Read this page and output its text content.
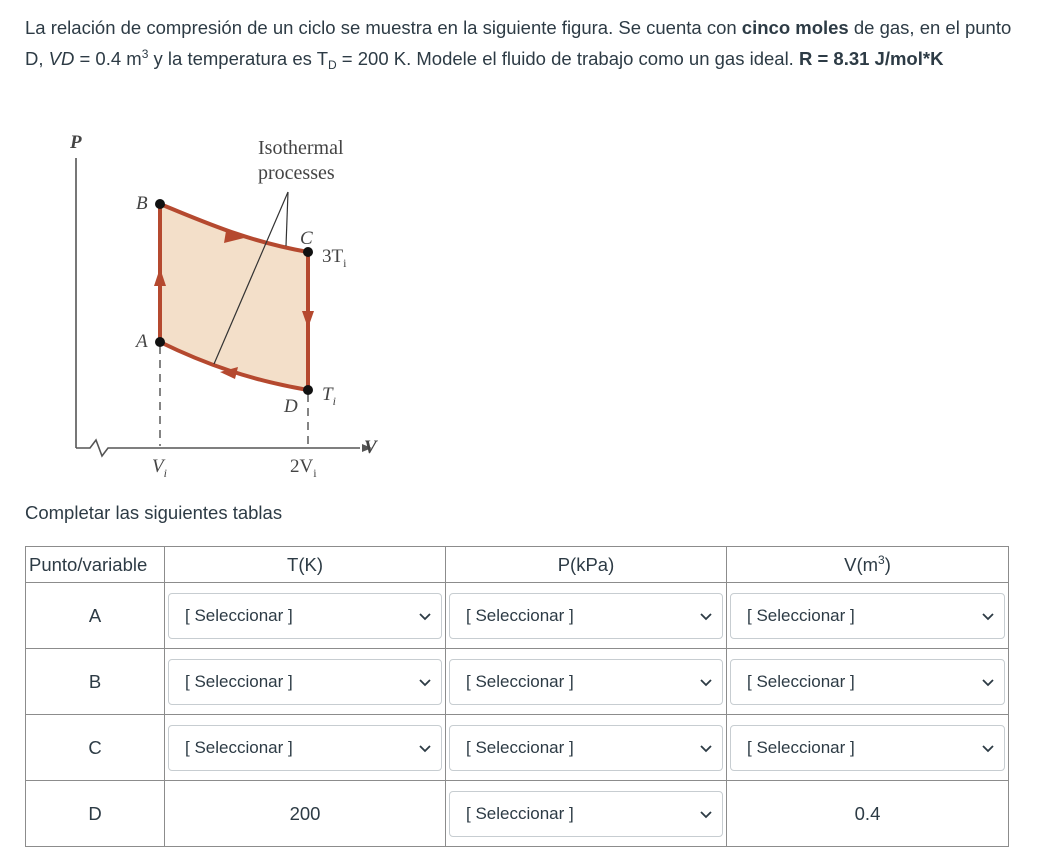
La relación de compresión de un ciclo se muestra en la siguiente figura. Se cuenta con cinco moles de gas, en el punto D, VD = 0.4 $m^3$ y la temperatura es $T_D = 200$ K. Modele el fluido de trabajo como un gas ideal. R = 8.31 J/mol*K
P
V
Isothermal
processes
B
A
C
D
$3T_i$
$T_i$
$V_i$	$2V_i$
Completar las siguientes tablas
Punto/variable	T(K)	P(kPa)	$V(m^3)$
A	[ Seleccionar ]	[ Seleccionar ]	[ Seleccionar ]

B	[ Seleccionar ]	[ Seleccionar ]	[ Seleccionar ]

C	[ Seleccionar ]	[ Seleccionar ]	[ Seleccionar ]

D	200	[ Seleccionar ]	0.4
